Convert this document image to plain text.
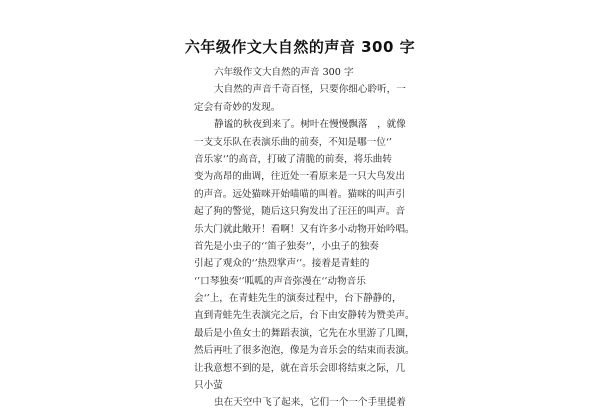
六年级作文大自然的声音 300 字
六年级作文大自然的声音 300 字
大自然的声音千奇百怪，只要你细心聆听，一
定会有奇妙的发现。
静谧的秋夜到来了。树叶在慢慢飘落　，就像
一支支乐队在表演乐曲的前奏，不知是哪一位‘’
音乐家‘’的高音，打破了清脆的前奏，将乐曲转
变为高昂的曲调，往近处一看原来是一只大鸟发出
的声音。远处猫咪开始喵喵的叫着。猫咪的叫声引
起了狗的警觉，随后这只狗发出了汪汪的叫声。音
乐大门就此敞开！看啊！又有许多小动物开始吟唱。
首先是小虫子的‘’笛子独奏‘’，小虫子的独奏
引起了观众的‘’热烈掌声‘’。接着是青蛙的
‘’口琴独奏‘’呱呱的声音弥漫在‘’动物音乐
会‘’上，在青蛙先生的演奏过程中，台下静静的，
直到青蛙先生表演完之后，台下由安静转为赞美声。
最后是小鱼女士的舞蹈表演，它先在水里游了几圈，
然后再吐了很多泡泡，像是为音乐会的结束而表演。
让我意想不到的是，就在音乐会即将结束之际，几
只小萤
虫在天空中飞了起来，它们一个一个手里提着
